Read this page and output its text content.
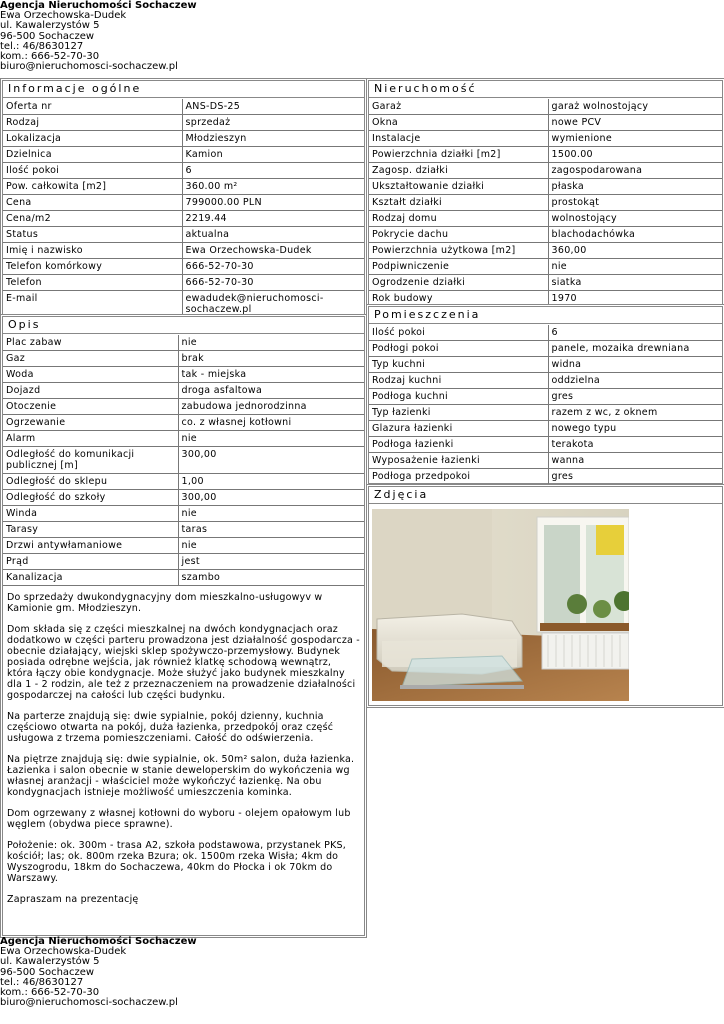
Agencja Nieruchomości Sochaczew
Ewa Orzechowska-Dudek
ul. Kawalerzystów 5
96-500 Sochaczew
tel.: 46/8630127
kom.: 666-52-70-30
biuro@nieruchomosci-sochaczew.pl
Informacje ogólne
Oferta nr	ANS-DS-25
Rodzaj	sprzedaż
Lokalizacja	Młodzieszyn
Dzielnica	Kamion
Ilość pokoi	6
Pow. całkowita [m2]	360.00 m²
Cena	799000.00 PLN
Cena/m2	2219.44
Status	aktualna
Imię i nazwisko	Ewa Orzechowska-Dudek
Telefon komórkowy	666-52-70-30
Telefon	666-52-70-30
E-mail	ewadudek@nieruchomosci-sochaczew.pl
Opis
Plac zabaw	nie
Gaz	brak
Woda	tak - miejska
Dojazd	droga asfaltowa
Otoczenie	zabudowa jednorodzinna
Ogrzewanie	co. z własnej kotłowni
Alarm	nie
Odległość do komunikacji publicznej [m]	300,00
Odległość do sklepu	1,00
Odległość do szkoły	300,00
Winda	nie
Tarasy	taras
Drzwi antywłamaniowe	nie
Prąd	jest
Kanalizacja	szambo

Do sprzedaży dwukondygnacyjny dom mieszkalno-usługowyv w Kamionie gm. Młodzieszyn.

Dom składa się z części mieszkalnej na dwóch kondygnacjach oraz dodatkowo w części parteru prowadzona jest działalność gospodarcza - obecnie działający, wiejski sklep spożywczo-przemysłowy. Budynek posiada odrębne wejścia, jak również klatkę schodową wewnątrz, która łączy obie kondygnacje. Może służyć jako budynek mieszkalny dla 1 - 2 rodzin, ale też z przeznaczeniem na prowadzenie działalności gospodarczej na całości lub części budynku.

Na parterze znajdują się: dwie sypialnie, pokój dzienny, kuchnia częściowo otwarta na pokój, duża łazienka, przedpokój oraz część usługowa z trzema pomieszczeniami. Całość do odświerzenia.

Na piętrze znajdują się: dwie sypialnie, ok. 50m² salon, duża łazienka. Łazienka i salon obecnie w stanie deweloperskim do wykończenia wg własnej aranżacji - właściciel może wykończyć łazienkę. Na obu kondygnacjach istnieje możliwość umieszczenia kominka.

Dom ogrzewany z własnej kotłowni do wyboru - olejem opałowym lub węglem (obydwa piece sprawne).

Położenie: ok. 300m - trasa A2, szkoła podstawowa, przystanek PKS, kościół; las; ok. 800m rzeka Bzura; ok. 1500m rzeka Wisła; 4km do Wyszogrodu, 18km do Sochaczewa, 40km do Płocka i ok 70km do Warszawy.

Zapraszam na prezentację

Nieruchomość
Garaż	garaż wolnostojący
Okna	nowe PCV
Instalacje	wymienione
Powierzchnia działki [m2]	1500.00
Zagosp. działki	zagospodarowana
Ukształtowanie działki	płaska
Kształt działki	prostokąt
Rodzaj domu	wolnostojący
Pokrycie dachu	blachodachówka
Powierzchnia użytkowa [m2]	360,00
Podpiwniczenie	nie
Ogrodzenie działki	siatka
Rok budowy	1970
Pomieszczenia
Ilość pokoi	6
Podłogi pokoi	panele, mozaika drewniana
Typ kuchni	widna
Rodzaj kuchni	oddzielna
Podłoga kuchni	gres
Typ łazienki	razem z wc, z oknem
Glazura łazienki	nowego typu
Podłoga łazienki	terakota
Wyposażenie łazienki	wanna
Podłoga przedpokoi	gres
Zdjęcia
Agencja Nieruchomości Sochaczew
Ewa Orzechowska-Dudek
ul. Kawalerzystów 5
96-500 Sochaczew
tel.: 46/8630127
kom.: 666-52-70-30
biuro@nieruchomosci-sochaczew.pl
